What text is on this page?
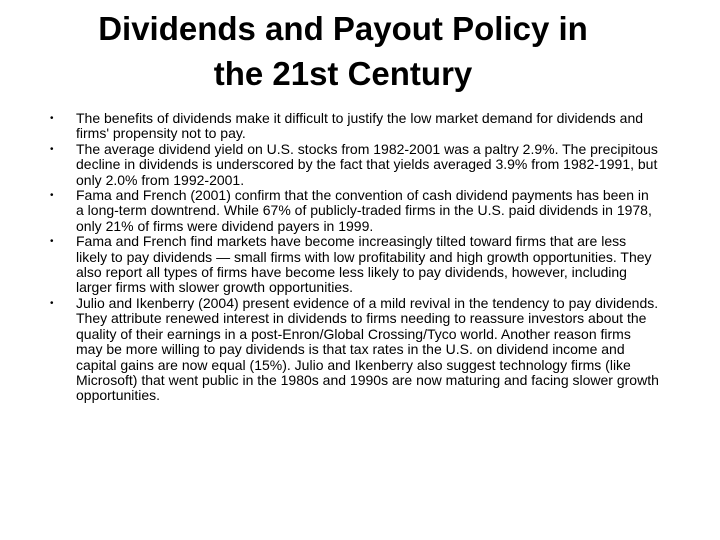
Dividends and Payout Policy in
the 21st Century
• The benefits of dividends make it difficult to justify the low market demand for dividends and firms' propensity not to pay.
• The average dividend yield on U.S. stocks from 1982-2001 was a paltry 2.9%. The precipitous decline in dividends is underscored by the fact that yields averaged 3.9% from 1982-1991, but only 2.0% from 1992-2001.
• Fama and French (2001) confirm that the convention of cash dividend payments has been in a long-term downtrend. While 67% of publicly-traded firms in the U.S. paid dividends in 1978, only 21% of firms were dividend payers in 1999.
• Fama and French find markets have become increasingly tilted toward firms that are less likely to pay dividends — small firms with low profitability and high growth opportunities. They also report all types of firms have become less likely to pay dividends, however, including larger firms with slower growth opportunities.
• Julio and Ikenberry (2004) present evidence of a mild revival in the tendency to pay dividends. They attribute renewed interest in dividends to firms needing to reassure investors about the quality of their earnings in a post-Enron/Global Crossing/Tyco world. Another reason firms may be more willing to pay dividends is that tax rates in the U.S. on dividend income and capital gains are now equal (15%). Julio and Ikenberry also suggest technology firms (like Microsoft) that went public in the 1980s and 1990s are now maturing and facing slower growth opportunities.
